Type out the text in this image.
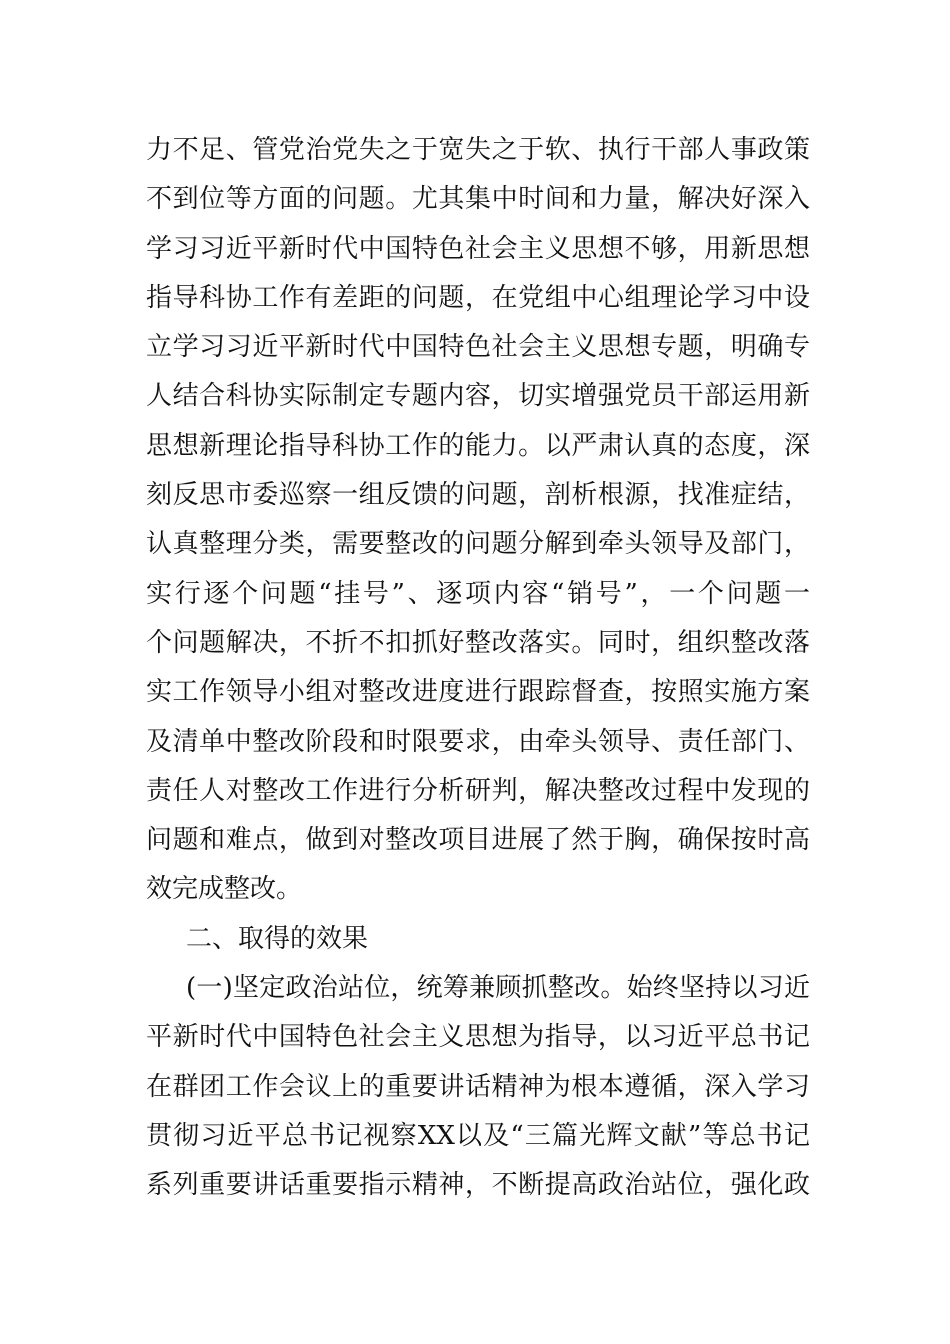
力不足、管党治党失之于宽失之于软、执行干部人事政策
不到位等方面的问题。尤其集中时间和力量，解决好深入
学习习近平新时代中国特色社会主义思想不够，用新思想
指导科协工作有差距的问题，在党组中心组理论学习中设
立学习习近平新时代中国特色社会主义思想专题，明确专
人结合科协实际制定专题内容，切实增强党员干部运用新
思想新理论指导科协工作的能力。以严肃认真的态度，深
刻反思市委巡察一组反馈的问题，剖析根源，找准症结，
认真整理分类，需要整改的问题分解到牵头领导及部门，
实行逐个问题“挂号”、逐项内容“销号”，一个问题一
个问题解决，不折不扣抓好整改落实。同时，组织整改落
实工作领导小组对整改进度进行跟踪督查，按照实施方案
及清单中整改阶段和时限要求，由牵头领导、责任部门、
责任人对整改工作进行分析研判，解决整改过程中发现的
问题和难点，做到对整改项目进展了然于胸，确保按时高
效完成整改。
二、取得的效果
(一)坚定政治站位，统筹兼顾抓整改。始终坚持以习近
平新时代中国特色社会主义思想为指导，以习近平总书记
在群团工作会议上的重要讲话精神为根本遵循，深入学习
贯彻习近平总书记视察XX以及“三篇光辉文献”等总书记
系列重要讲话重要指示精神，不断提高政治站位，强化政
